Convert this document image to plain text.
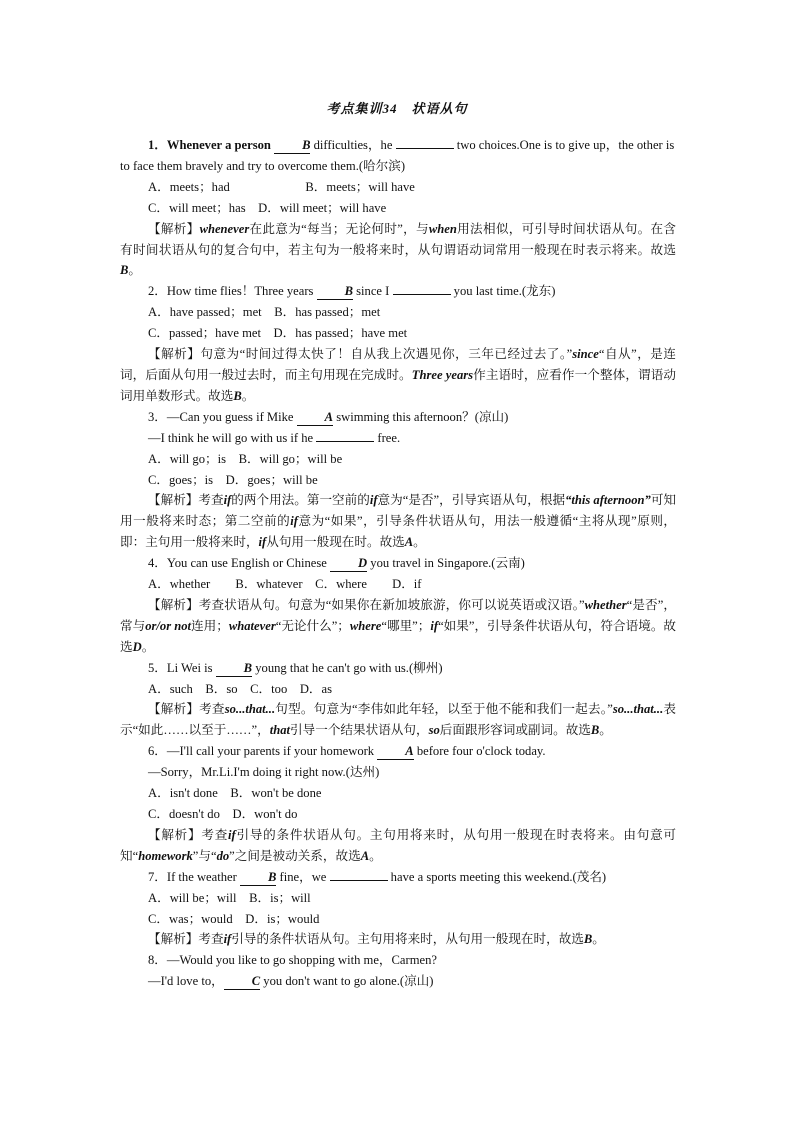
考点集训34　状语从句

1．Whenever a person B difficulties，he	two choices.One is to give up，the other is to face them bravely and try to overcome them.(哈尔滨)

A．meets；had                        B．meets；will have

C．will meet；has　D．will meet；will have

【解析】whenever在此意为“每当；无论何时”，与when用法相似，可引导时间状语从句。在含有时间状语从句的复合句中，若主句为一般将来时，从句谓语动词常用一般现在时表示将来。故选B。

2．How time flies！Three years B since I	you last time.(龙东)

A．have passed；met　B．has passed；met

C．passed；have met　D．has passed；have met

【解析】句意为“时间过得太快了！自从我上次遇见你，三年已经过去了。”since“自从”，是连词，后面从句用一般过去时，而主句用现在完成时。Three years作主语时，应看作一个整体，谓语动词用单数形式。故选B。

3．—Can you guess if Mike A swimming this afternoon？(凉山)

—I think he will go with us if he	free.

A．will go；is　B．will go；will be

C．goes；is　D．goes；will be

【解析】考查if的两个用法。第一空前的if意为“是否”，引导宾语从句，根据“this afternoon”可知用一般将来时态；第二空前的if意为“如果”，引导条件状语从句，用法一般遵循“主将从现”原则，即：主句用一般将来时，if从句用一般现在时。故选A。

4．You can use English or Chinese D you travel in Singapore.(云南)

A．whether　　B．whatever　C．where　　D．if

【解析】考查状语从句。句意为“如果你在新加坡旅游，你可以说英语或汉语。”whether“是否”，常与or/or not连用；whatever“无论什么”；where“哪里”；if“如果”，引导条件状语从句，符合语境。故选D。

5．Li Wei is B young that he can't go with us.(柳州)

A．such　B．so　C．too　D．as

【解析】考查so...that...句型。句意为“李伟如此年轻，以至于他不能和我们一起去。”so...that...表示“如此……以至于……”，that引导一个结果状语从句，so后面跟形容词或副词。故选B。

6．—I'll call your parents if your homework A before four o'clock today.

—Sorry，Mr.Li.I'm doing it right now.(达州)

A．isn't done　B．won't be done

C．doesn't do　D．won't do

【解析】考查if引导的条件状语从句。主句用将来时，从句用一般现在时表将来。由句意可知“homework”与“do”之间是被动关系，故选A。

7．If the weather B fine，we	have a sports meeting this weekend.(茂名)

A．will be；will　B．is；will

C．was；would　D．is；would

【解析】考查if引导的条件状语从句。主句用将来时，从句用一般现在时，故选B。

8．—Would you like to go shopping with me，Carmen?

—I'd love to， C you don't want to go alone.(凉山)
